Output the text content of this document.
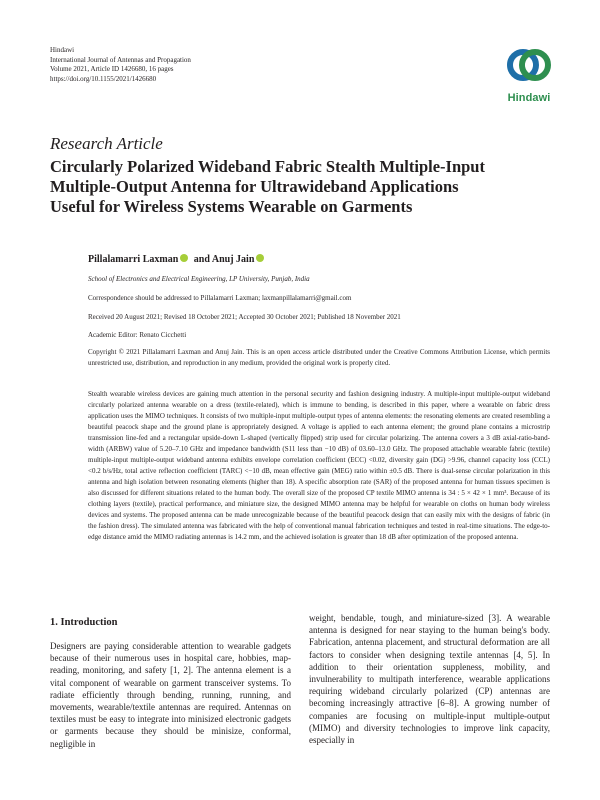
Hindawi
International Journal of Antennas and Propagation
Volume 2021, Article ID 1426680, 16 pages
https://doi.org/10.1155/2021/1426680
Hindawi
Research Article
Circularly Polarized Wideband Fabric Stealth Multiple-Input
Multiple-Output Antenna for Ultrawideband Applications
Useful for Wireless Systems Wearable on Garments
Pillalamarri Laxman and Anuj Jain
School of Electronics and Electrical Engineering, LP University, Punjab, India
Correspondence should be addressed to Pillalamarri Laxman; laxmanpillalamarri@gmail.com
Received 20 August 2021; Revised 18 October 2021; Accepted 30 October 2021; Published 18 November 2021
Academic Editor: Renato Cicchetti
Copyright © 2021 Pillalamarri Laxman and Anuj Jain. This is an open access article distributed under the Creative Commons Attribution License, which permits unrestricted use, distribution, and reproduction in any medium, provided the original work is properly cited.
Stealth wearable wireless devices are gaining much attention in the personal security and fashion designing industry. A multiple-input multiple-output wideband circularly polarized antenna wearable on a dress (textile-related), which is immune to bending, is described in this paper, where a wearable on fabric dress application uses the MIMO techniques. It consists of two multiple-input multiple-output types of antenna elements: the resonating elements are created resembling a beautiful peacock shape and the ground plane is appropriately designed. A voltage is applied to each antenna element; the ground plane contains a microstrip transmission line-fed and a rectangular upside-down L-shaped (vertically flipped) strip used for circular polarizing. The antenna covers a 3 dB axial-ratio-band-width (ARBW) value of 5.20–7.10 GHz and impedance bandwidth (S11 less than −10 dB) of 03.60–13.0 GHz. The proposed attachable wearable fabric (textile) multiple-input multiple-output wideband antenna exhibits envelope correlation coefficient (ECC) <0.02, diversity gain (DG) >9.96, channel capacity loss (CCL) <0.2 b/s/Hz, total active reflection coefficient (TARC) <−10 dB, mean effective gain (MEG) ratio within ±0.5 dB. There is dual-sense circular polarization in this antenna and high isolation between resonating elements (higher than 18). A specific absorption rate (SAR) of the proposed antenna for human tissues specimen is also discussed for different situations related to the human body. The overall size of the proposed CP textile MIMO antenna is 34 : 5 × 42 × 1 mm³. Because of its clothing layers (textile), practical performance, and miniature size, the designed MIMO antenna may be helpful for wearable on cloths on human body wireless devices and systems. The proposed antenna can be made unrecognizable because of the beautiful peacock design that can easily mix with the designs of fabric (in the fashion dress). The simulated antenna was fabricated with the help of conventional manual fabrication techniques and tested in real-time situations. The edge-to-edge distance amid the MIMO radiating antennas is 14.2 mm, and the achieved isolation is greater than 18 dB after optimization of the proposed antenna.
1. Introduction
Designers are paying considerable attention to wearable gadgets because of their numerous uses in hospital care, hobbies, map-reading, monitoring, and safety [1, 2]. The antenna element is a vital component of wearable on garment transceiver systems. To radiate efficiently through bending, running, running, and movements, wearable/textile antennas are required. Antennas on textiles must be easy to integrate into minisized electronic gadgets or garments because they should be minisize, conformal, negligible in
weight, bendable, tough, and miniature-sized [3]. A wearable antenna is designed for near staying to the human being's body. Fabrication, antenna placement, and structural deformation are all factors to consider when designing textile antennas [4, 5]. In addition to their orientation suppleness, mobility, and invulnerability to multipath interference, wearable applications requiring wideband circularly polarized (CP) antennas are becoming increasingly attractive [6–8]. A growing number of companies are focusing on multiple-input multiple-output (MIMO) and diversity technologies to improve link capacity, especially in
